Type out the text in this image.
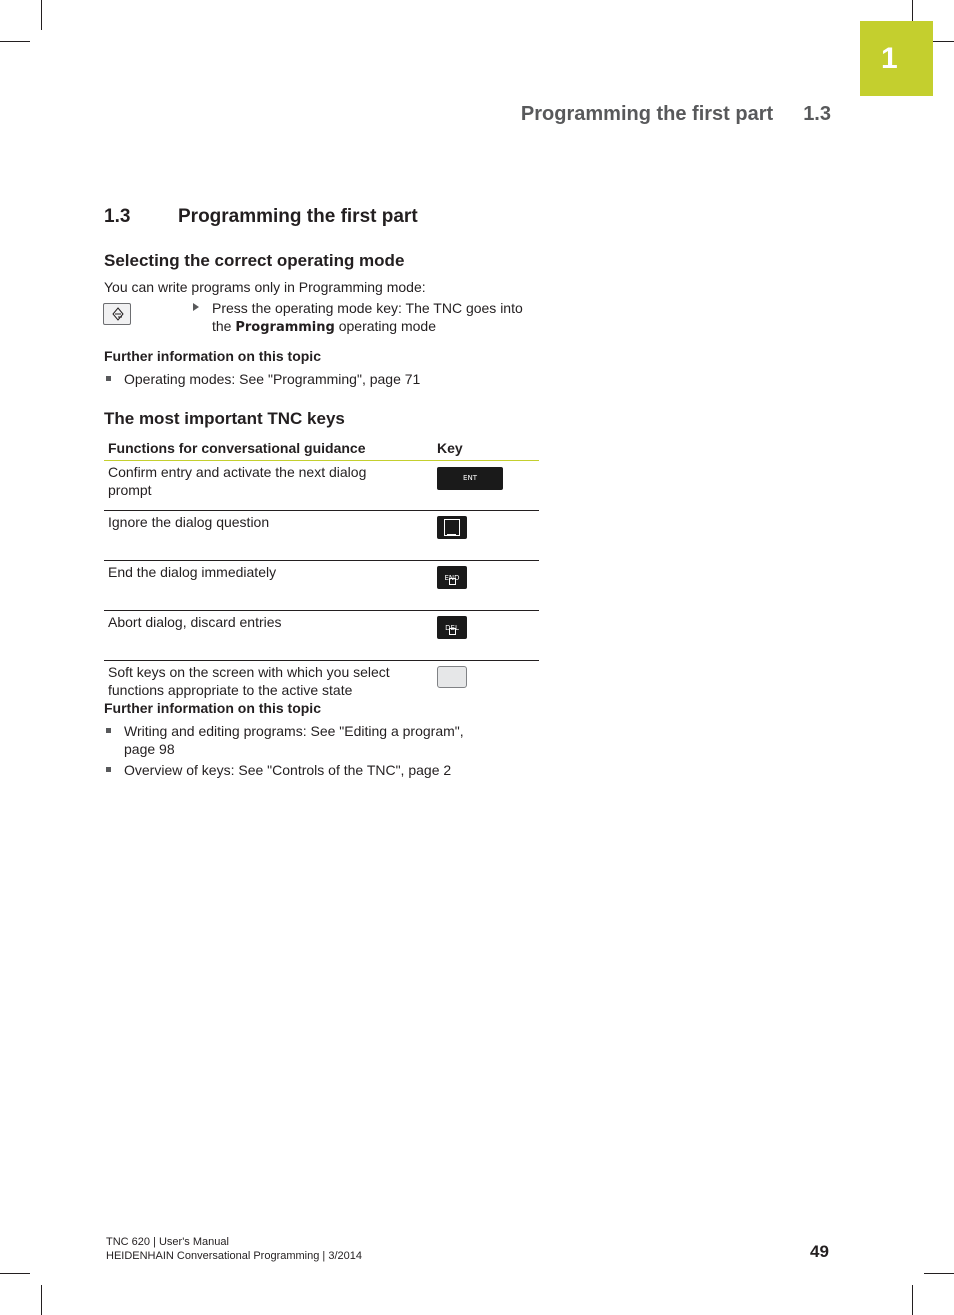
1
Programming the first part 1.3
1.3	Programming the first part
Selecting the correct operating mode
You can write programs only in Programming mode:
Press the operating mode key: The TNC goes into
the Programming operating mode
Further information on this topic
Operating modes: See "Programming", page 71
The most important TNC keys
Functions for conversational guidance	Key
Confirm entry and activate the next dialog
prompt	ENT
Ignore the dialog question	

End the dialog immediately	END

Abort dialog, discard entries	DEL

Soft keys on the screen with which you select
functions appropriate to the active state	
Further information on this topic
Writing and editing programs: See "Editing a program",
page 98
Overview of keys: See "Controls of the TNC", page 2
TNC 620 | User's Manual
HEIDENHAIN Conversational Programming | 3/2014	49
